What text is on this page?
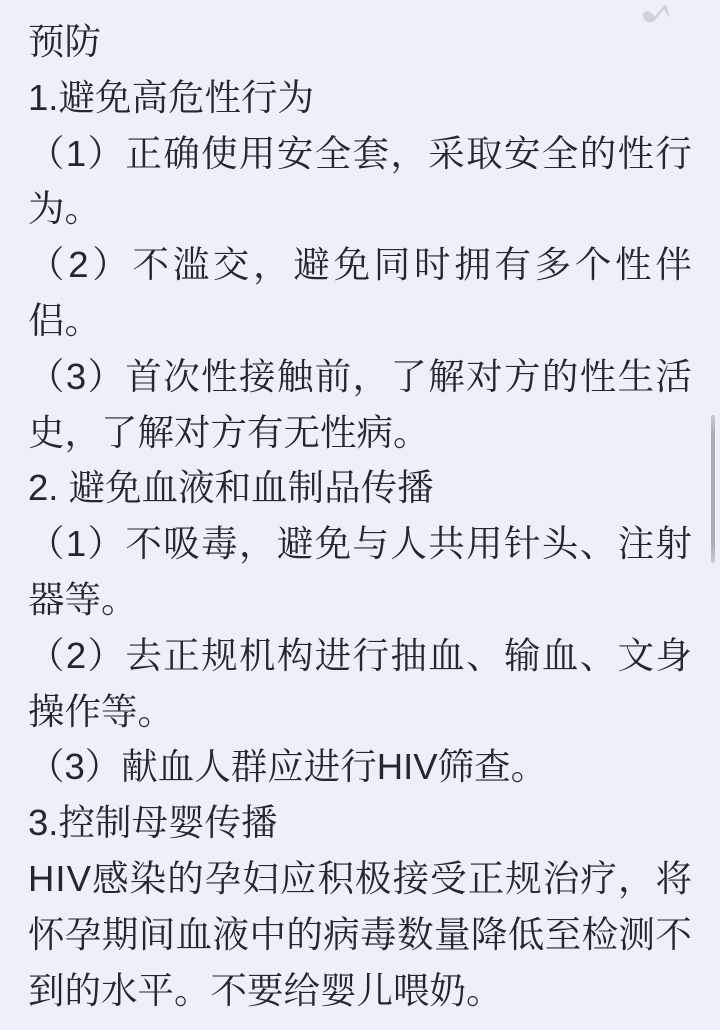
预防
1.避免高危性行为
（ 1 ） 正 确 使 用 安 全 套 ， 采 取 安 全 的 性 行
为。
（ 2 ） 不 滥 交 ， 避 免 同 时 拥 有 多 个 性 伴
侣。
（ 3 ） 首 次 性 接 触 前 ， 了 解 对 方 的 性 生 活
史，了解对方有无性病。
2. 避免血液和血制品传播
（ 1 ） 不 吸 毒 ， 避 免 与 人 共 用 针 头 、 注 射
器等。
（ 2 ） 去 正 规 机 构 进 行 抽 血 、 输 血 、 文 身
操作等。
（3）献血人群应进行HIV筛查。
3.控制母婴传播
H I V 感 染 的 孕 妇 应 积 极 接 受 正 规 治 疗 ， 将
怀 孕 期 间 血 液 中 的 病 毒 数 量 降 低 至 检 测 不
到的水平。不要给婴儿喂奶。
